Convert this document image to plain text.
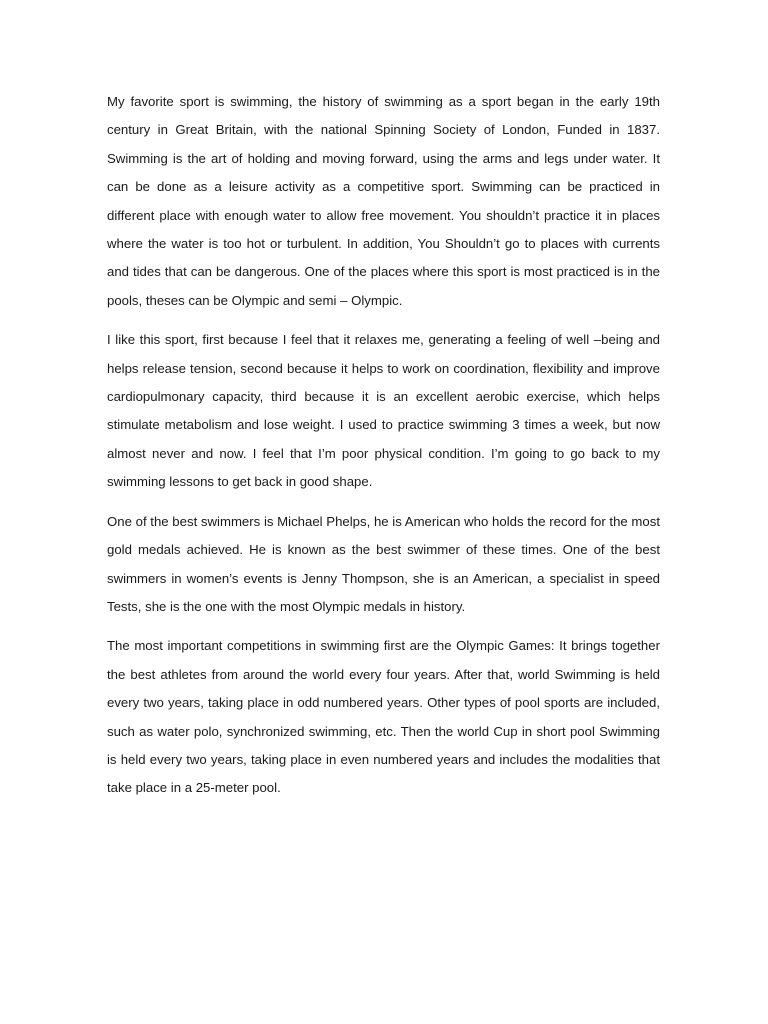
My favorite sport is swimming, the history of swimming as a sport began in the early 19th century in Great Britain, with the national Spinning Society of London, Funded in 1837. Swimming is the art of holding and moving forward, using the arms and legs under water. It can be done as a leisure activity as a competitive sport. Swimming can be practiced in different place with enough water to allow free movement. You shouldn’t practice it in places where the water is too hot or turbulent. In addition, You Shouldn’t go to places with currents and tides that can be dangerous. One of the places where this sport is most practiced is in the pools, theses can be Olympic and semi – Olympic.

I like this sport, first because I feel that it relaxes me, generating a feeling of well –being and helps release tension, second because it helps to work on coordination, flexibility and improve cardiopulmonary capacity, third because it is an excellent aerobic exercise, which helps stimulate metabolism and lose weight. I used to practice swimming 3 times a week, but now almost never and now. I feel that I’m poor physical condition. I’m going to go back to my swimming lessons to get back in good shape.

One of the best swimmers is Michael Phelps, he is American who holds the record for the most gold medals achieved. He is known as the best swimmer of these times. One of the best swimmers in women’s events is Jenny Thompson, she is an American, a specialist in speed Tests, she is the one with the most Olympic medals in history.

The most important competitions in swimming first are the Olympic Games: It brings together the best athletes from around the world every four years. After that, world Swimming is held every two years, taking place in odd numbered years. Other types of pool sports are included, such as water polo, synchronized swimming, etc. Then the world Cup in short pool Swimming is held every two years, taking place in even numbered years and includes the modalities that take place in a 25-meter pool.
